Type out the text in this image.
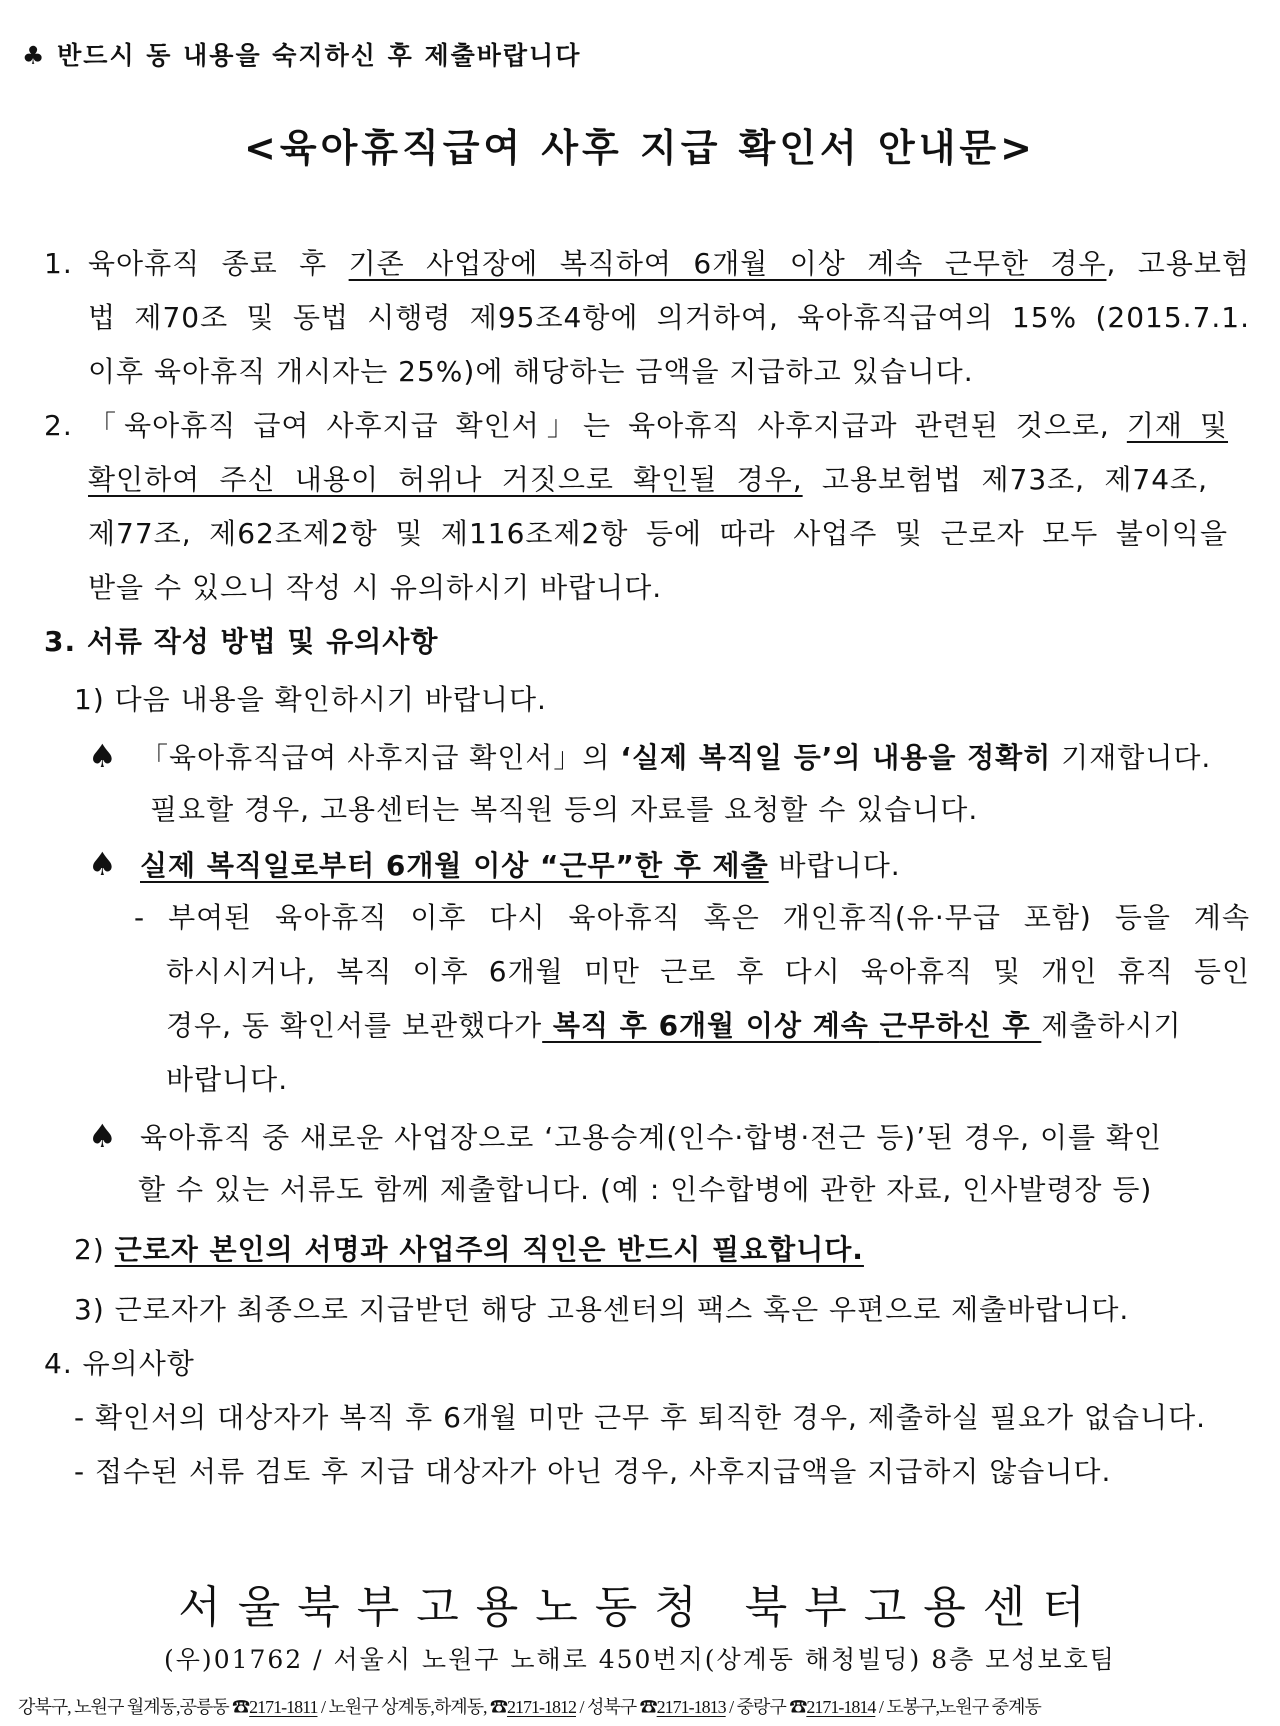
♣ 반드시 동 내용을 숙지하신 후 제출바랍니다
<육아휴직급여 사후 지급 확인서 안내문>
1. 육아휴직 종료 후 기존 사업장에 복직하여 6개월 이상 계속 근무한 경우, 고용보험
법 제70조 및 동법 시행령 제95조4항에 의거하여, 육아휴직급여의 15% (2015.7.1.
이후 육아휴직 개시자는 25%)에 해당하는 금액을 지급하고 있습니다.
2. 「육아휴직 급여 사후지급 확인서」는 육아휴직 사후지급과 관련된 것으로, 기재 및
확인하여 주신 내용이 허위나 거짓으로 확인될 경우, 고용보험법 제73조, 제74조,
제77조, 제62조제2항 및 제116조제2항 등에 따라 사업주 및 근로자 모두 불이익을
받을 수 있으니 작성 시 유의하시기 바랍니다.
3. 서류 작성 방법 및 유의사항
1) 다음 내용을 확인하시기 바랍니다.
♠ 「육아휴직급여 사후지급 확인서」의 ‘실제 복직일 등’의 내용을 정확히 기재합니다.
필요할 경우, 고용센터는 복직원 등의 자료를 요청할 수 있습니다.
♠ 실제 복직일로부터 6개월 이상 “근무”한 후 제출 바랍니다.
- 부여된 육아휴직 이후 다시 육아휴직 혹은 개인휴직(유·무급 포함) 등을 계속
하시시거나, 복직 이후 6개월 미만 근로 후 다시 육아휴직 및 개인 휴직 등인
경우, 동 확인서를 보관했다가 복직 후 6개월 이상 계속 근무하신 후 제출하시기
바랍니다.
♠ 육아휴직 중 새로운 사업장으로 ‘고용승계(인수·합병·전근 등)’된 경우, 이를 확인
할 수 있는 서류도 함께 제출합니다. (예 : 인수합병에 관한 자료, 인사발령장 등)
2) 근로자 본인의 서명과 사업주의 직인은 반드시 필요합니다.
3) 근로자가 최종으로 지급받던 해당 고용센터의 팩스 혹은 우편으로 제출바랍니다.
4. 유의사항
- 확인서의 대상자가 복직 후 6개월 미만 근무 후 퇴직한 경우, 제출하실 필요가 없습니다.
- 접수된 서류 검토 후 지급 대상자가 아닌 경우, 사후지급액을 지급하지 않습니다.
서울북부고용노동청 북부고용센터
(우)01762 / 서울시 노원구 노해로 450번지(상계동 해청빌딩) 8층 모성보호팀
강북구, 노원구 월계동,공릉동 ☎2171-1811 / 노원구 상계동,하계동, ☎2171-1812 / 성북구 ☎2171-1813 / 중랑구 ☎2171-1814 / 도봉구,노원구 중계동
